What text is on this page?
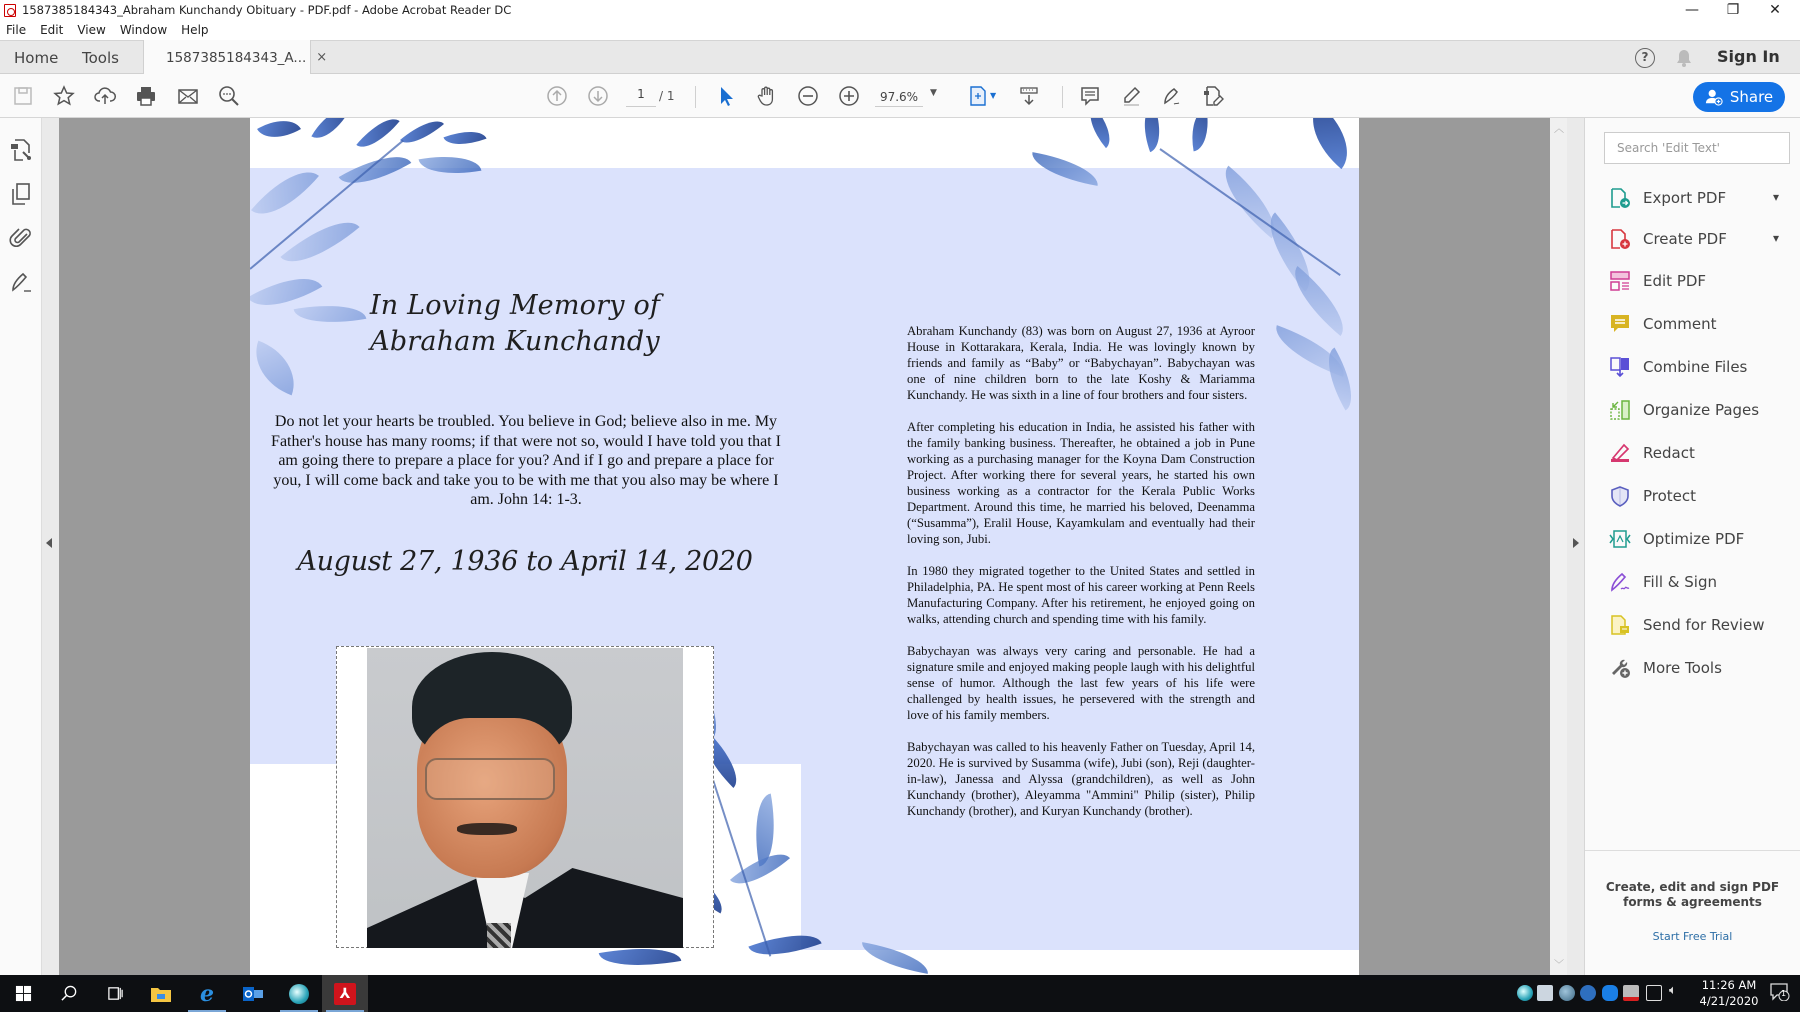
1587385184343_Abraham Kunchandy Obituary - PDF.pdf - Adobe Acrobat Reader DC	—	❐	✕
File Edit View Window Help
Home Tools	1587385184343_A... ×	?	Sign In
1	/ 1	97.6%	▼	▼	Share
In Loving Memory of
Abraham Kunchandy
Do not let your hearts be troubled. You believe in God; believe also in me. My Father's house has many rooms; if that were not so, would I have told you that I am going there to prepare a place for you? And if I go and prepare a place for you, I will come back and take you to be with me that you also may be where I am. John 14: 1-3.
August 27, 1936 to April 14, 2020

Abraham Kunchandy (83) was born on August 27, 1936 at Ayroor House in Kottarakara, Kerala, India. He was lovingly known by friends and family as “Baby” or “Babychayan”. Babychayan was one of nine children born to the late Koshy & Mariamma Kunchandy. He was sixth in a line of four brothers and four sisters.

After completing his education in India, he assisted his father with the family banking business. Thereafter, he obtained a job in Pune working as a purchasing manager for the Koyna Dam Construction Project. After working there for several years, he started his own business working as a contractor for the Kerala Public Works Department. Around this time, he married his beloved, Deenamma (“Susamma”), Eralil House, Kayamkulam and eventually had their loving son, Jubi.

In 1980 they migrated together to the United States and settled in Philadelphia, PA. He spent most of his career working at Penn Reels Manufacturing Company. After his retirement, he enjoyed going on walks, attending church and spending time with his family.

Babychayan was always very caring and personable. He had a signature smile and enjoyed making people laugh with his delightful sense of humor. Although the last few years of his life were challenged by health issues, he persevered with the strength and love of his family members.

Babychayan was called to his heavenly Father on Tuesday, April 14, 2020. He is survived by Susamma (wife), Jubi (son), Reji (daughter-in-law), Janessa and Alyssa (grandchildren), as well as John Kunchandy (brother), Aleyamma "Ammini" Philip (sister), Philip Kunchandy (brother), and Kuryan Kunchandy (brother).

︿
﹀
Search 'Edit Text'
Export PDF	▾
Create PDF	▾
Edit PDF
Comment
Combine Files
Organize Pages
Redact
Protect
Optimize PDF
Fill & Sign
Send for Review
More Tools
Create, edit and sign PDF
forms & agreements
Start Free Trial
e	⅄	🔈︎	11:26 AM
4/21/2020
1
